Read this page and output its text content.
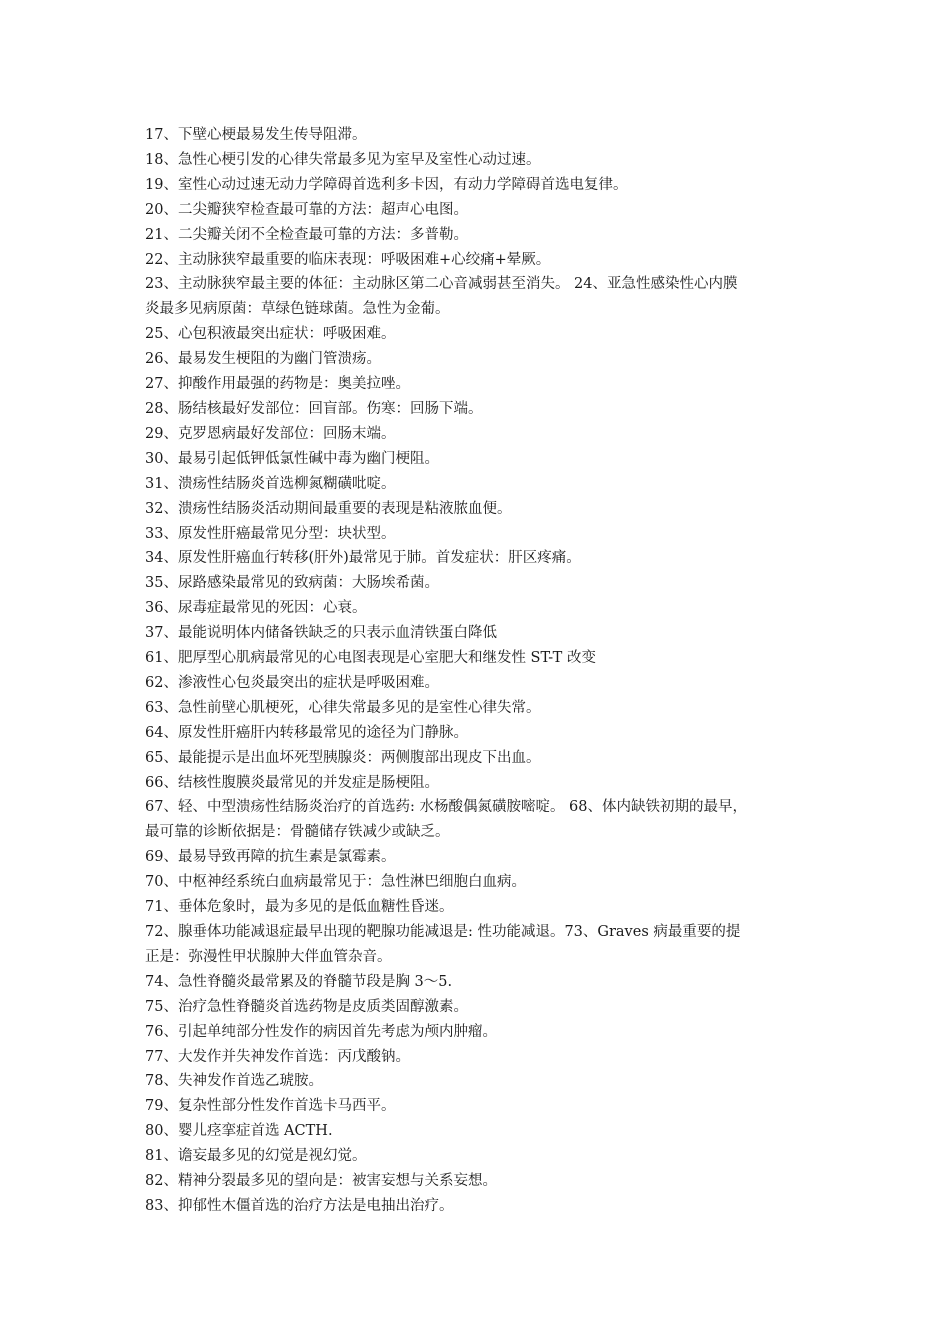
17、下壁心梗最易发生传导阻滞。

18、急性心梗引发的心律失常最多见为室早及室性心动过速。

19、室性心动过速无动力学障碍首选利多卡因，有动力学障碍首选电复律。

20、二尖瓣狭窄检查最可靠的方法：超声心电图。

21、二尖瓣关闭不全检查最可靠的方法：多普勒。

22、主动脉狭窄最重要的临床表现：呼吸困难+心绞痛+晕厥。

23、主动脉狭窄最主要的体征：主动脉区第二心音减弱甚至消失。 24、亚急性感染性心内膜

炎最多见病原菌：草绿色链球菌。急性为金葡。

25、心包积液最突出症状：呼吸困难。

26、最易发生梗阻的为幽门管溃疡。

27、抑酸作用最强的药物是：奥美拉唑。

28、肠结核最好发部位：回盲部。伤寒：回肠下端。

29、克罗恩病最好发部位：回肠末端。

30、最易引起低钾低氯性碱中毒为幽门梗阻。

31、溃疡性结肠炎首选柳氮糊磺吡啶。

32、溃疡性结肠炎活动期间最重要的表现是粘液脓血便。

33、原发性肝癌最常见分型：块状型。

34、原发性肝癌血行转移(肝外)最常见于肺。首发症状：肝区疼痛。

35、尿路感染最常见的致病菌：大肠埃希菌。

36、尿毒症最常见的死因：心衰。

37、最能说明体内储备铁缺乏的只表示血清铁蛋白降低

61、肥厚型心肌病最常见的心电图表现是心室肥大和继发性 ST-T 改变

62、渗液性心包炎最突出的症状是呼吸困难。

63、急性前壁心肌梗死，心律失常最多见的是室性心律失常。

64、原发性肝癌肝内转移最常见的途径为门静脉。

65、最能提示是出血坏死型胰腺炎：两侧腹部出现皮下出血。

66、结核性腹膜炎最常见的并发症是肠梗阻。

67、轻、中型溃疡性结肠炎治疗的首选药: 水杨酸偶氮磺胺嘧啶。 68、体内缺铁初期的最早，

最可靠的诊断依据是：骨髓储存铁减少或缺乏。

69、最易导致再障的抗生素是氯霉素。

70、中枢神经系统白血病最常见于：急性淋巴细胞白血病。

71、垂体危象时，最为多见的是低血糖性昏迷。

72、腺垂体功能减退症最早出现的靶腺功能减退是: 性功能减退。73、Graves 病最重要的提

正是：弥漫性甲状腺肿大伴血管杂音。

74、急性脊髓炎最常累及的脊髓节段是胸 3～5.

75、治疗急性脊髓炎首选药物是皮质类固醇激素。

76、引起单纯部分性发作的病因首先考虑为颅内肿瘤。

77、大发作并失神发作首选：丙戊酸钠。

78、失神发作首选乙琥胺。

79、复杂性部分性发作首选卡马西平。

80、婴儿痉挛症首选 ACTH.

81、谵妄最多见的幻觉是视幻觉。

82、精神分裂最多见的望向是：被害妄想与关系妄想。

83、抑郁性木僵首选的治疗方法是电抽出治疗。
